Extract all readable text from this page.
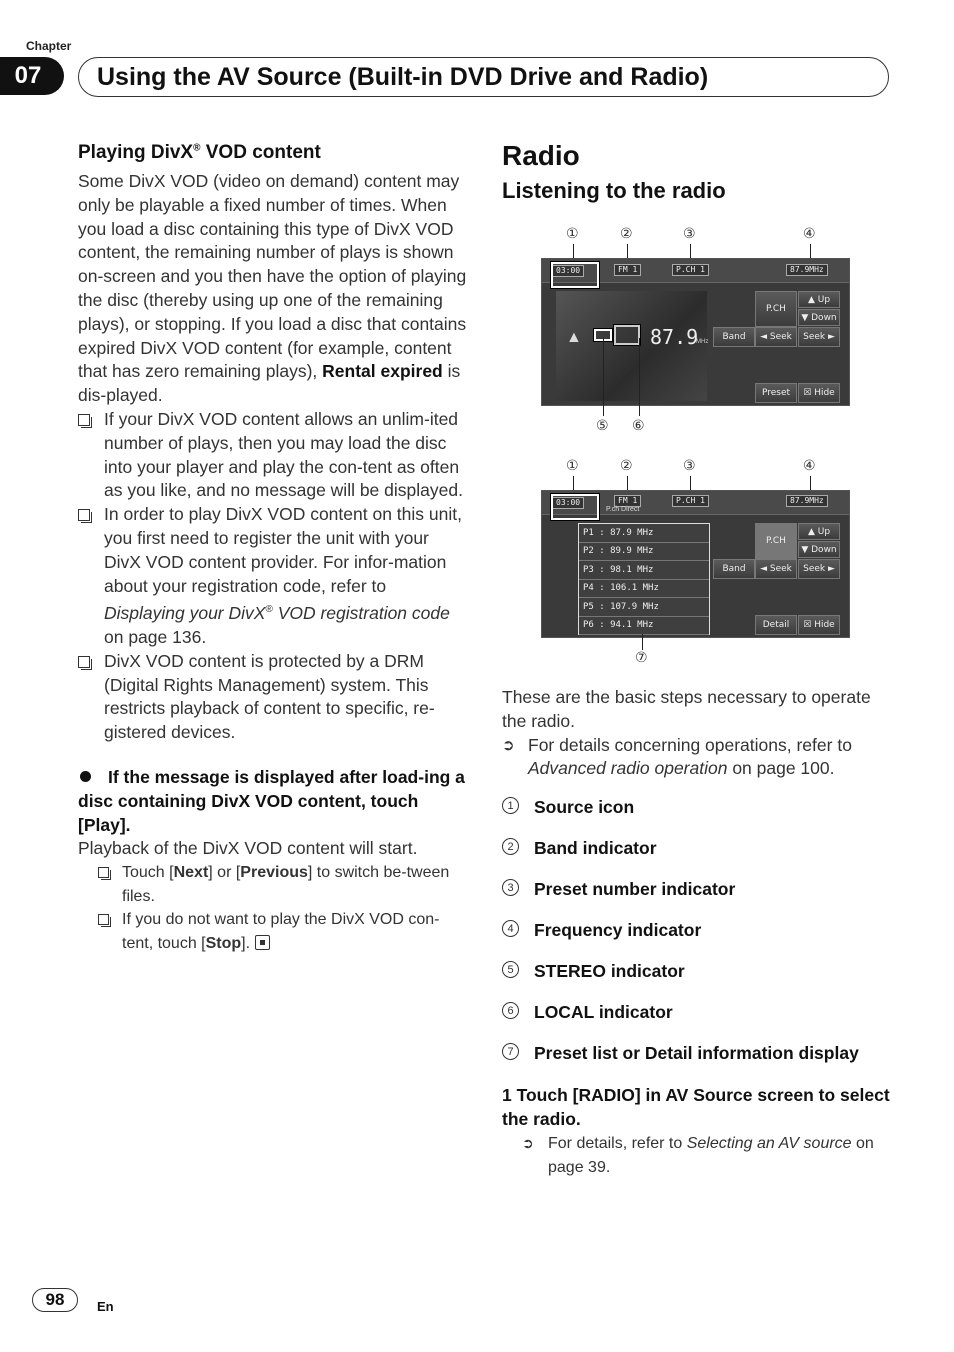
Chapter
07	Using the AV Source (Built-in DVD Drive and Radio)
Playing DivX® VOD content

Some DivX VOD (video on demand) content may only be playable a fixed number of times. When you load a disc containing this type of DivX VOD content, the remaining number of plays is shown on-screen and you then have the option of playing the disc (thereby using up one of the remaining plays), or stopping. If you load a disc that contains expired DivX VOD content (for example, content that has zero remaining plays), Rental expired is dis-played.

If your DivX VOD content allows an unlim-ited number of plays, then you may load the disc into your player and play the con-tent as often as you like, and no message will be displayed.
In order to play DivX VOD content on this unit, you first need to register the unit with your DivX VOD content provider. For infor-mation about your registration code, refer to Displaying your DivX® VOD registration code on page 136.
DivX VOD content is protected by a DRM (Digital Rights Management) system. This restricts playback of content to specific, re-gistered devices.
If the message is displayed after load-ing a disc containing DivX VOD content, touch [Play].

Playback of the DivX VOD content will start.

Touch [Next] or [Previous] to switch be-tween files.
If you do not want to play the DivX VOD con-tent, touch [Stop].
Radio
Listening to the radio
①	②	③	④
03:00	FM 1	P.CH 1	87.9MHz
▲	87.9
MHz
P.CH
▲ Up
▼ Down
Band	◄ Seek	Seek ►
Preset	☒ Hide
⑤ ⑥
①	②	③	④
03:00	FM 1	P.CH 1	87.9MHz
P.ch Direct
P1 : 87.9 MHz
P2 : 89.9 MHz
P3 : 98.1 MHz
P4 : 106.1 MHz
P5 : 107.9 MHz
P6 : 94.1 MHz
P.CH
▲ Up
▼ Down
Band	◄ Seek	Seek ►
Detail	☒ Hide
⑦

These are the basic steps necessary to operate the radio.

➲ For details concerning operations, refer to Advanced radio operation on page 100.
1	Source icon
2	Band indicator
3	Preset number indicator
4	Frequency indicator
5	STEREO indicator
6	LOCAL indicator
7	Preset list or Detail information display
1 Touch [RADIO] in AV Source screen to select the radio.
➲ For details, refer to Selecting an AV source on page 39.
98	En
